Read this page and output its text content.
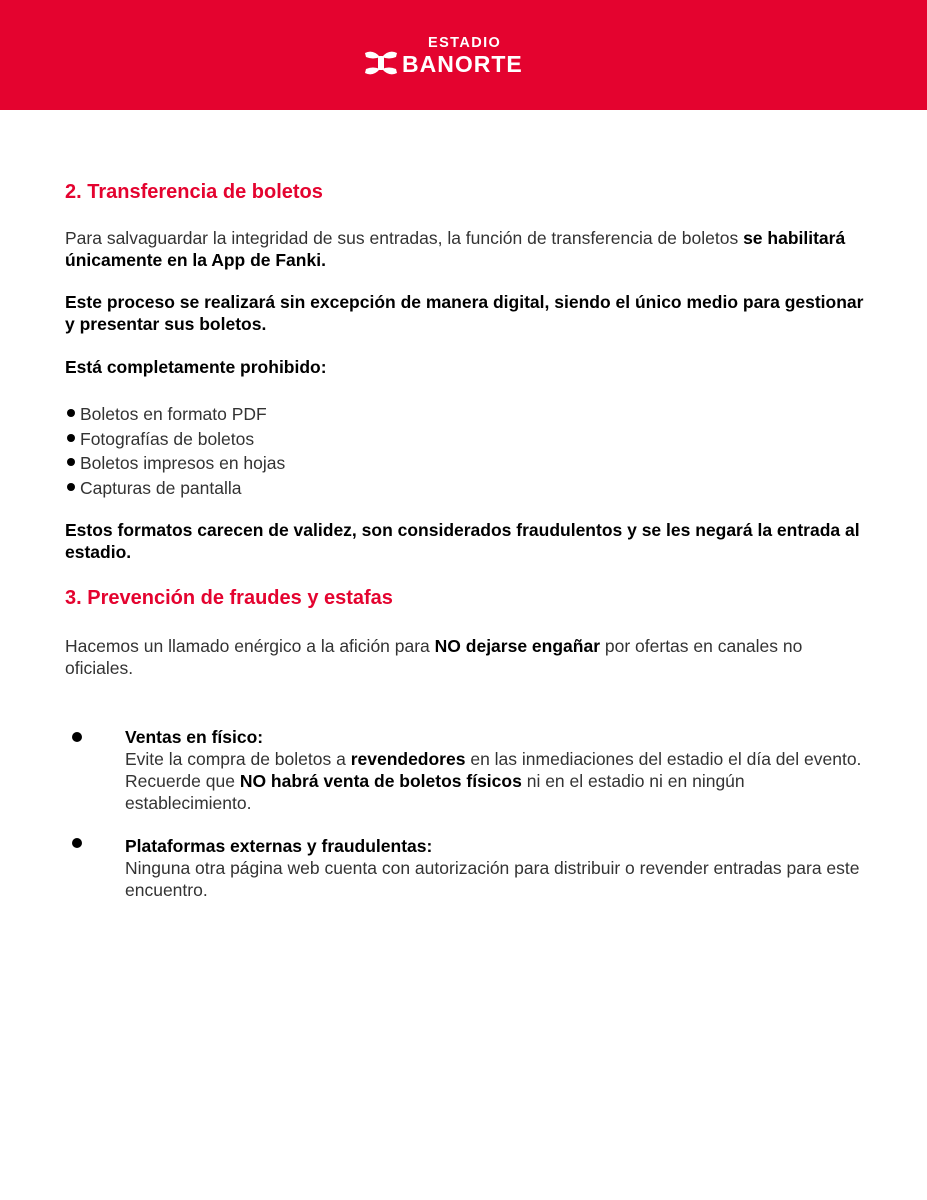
ESTADIO
BANORTE
2. Transferencia de boletos

Para salvaguardar la integridad de sus entradas, la función de transferencia de boletos se habilitará únicamente en la App de Fanki.

Este proceso se realizará sin excepción de manera digital, siendo el único medio para gestionar y presentar sus boletos.

Está completamente prohibido:

Boletos en formato PDF
Fotografías de boletos
Boletos impresos en hojas
Capturas de pantalla

Estos formatos carecen de validez, son considerados fraudulentos y se les negará la entrada al estadio.

3. Prevención de fraudes y estafas

Hacemos un llamado enérgico a la afición para NO dejarse engañar por ofertas en canales no oficiales.

Ventas en físico:
Evite la compra de boletos a revendedores en las inmediaciones del estadio el día del evento. Recuerde que NO habrá venta de boletos físicos ni en el estadio ni en ningún establecimiento.
Plataformas externas y fraudulentas:
Ninguna otra página web cuenta con autorización para distribuir o revender entradas para este encuentro.
